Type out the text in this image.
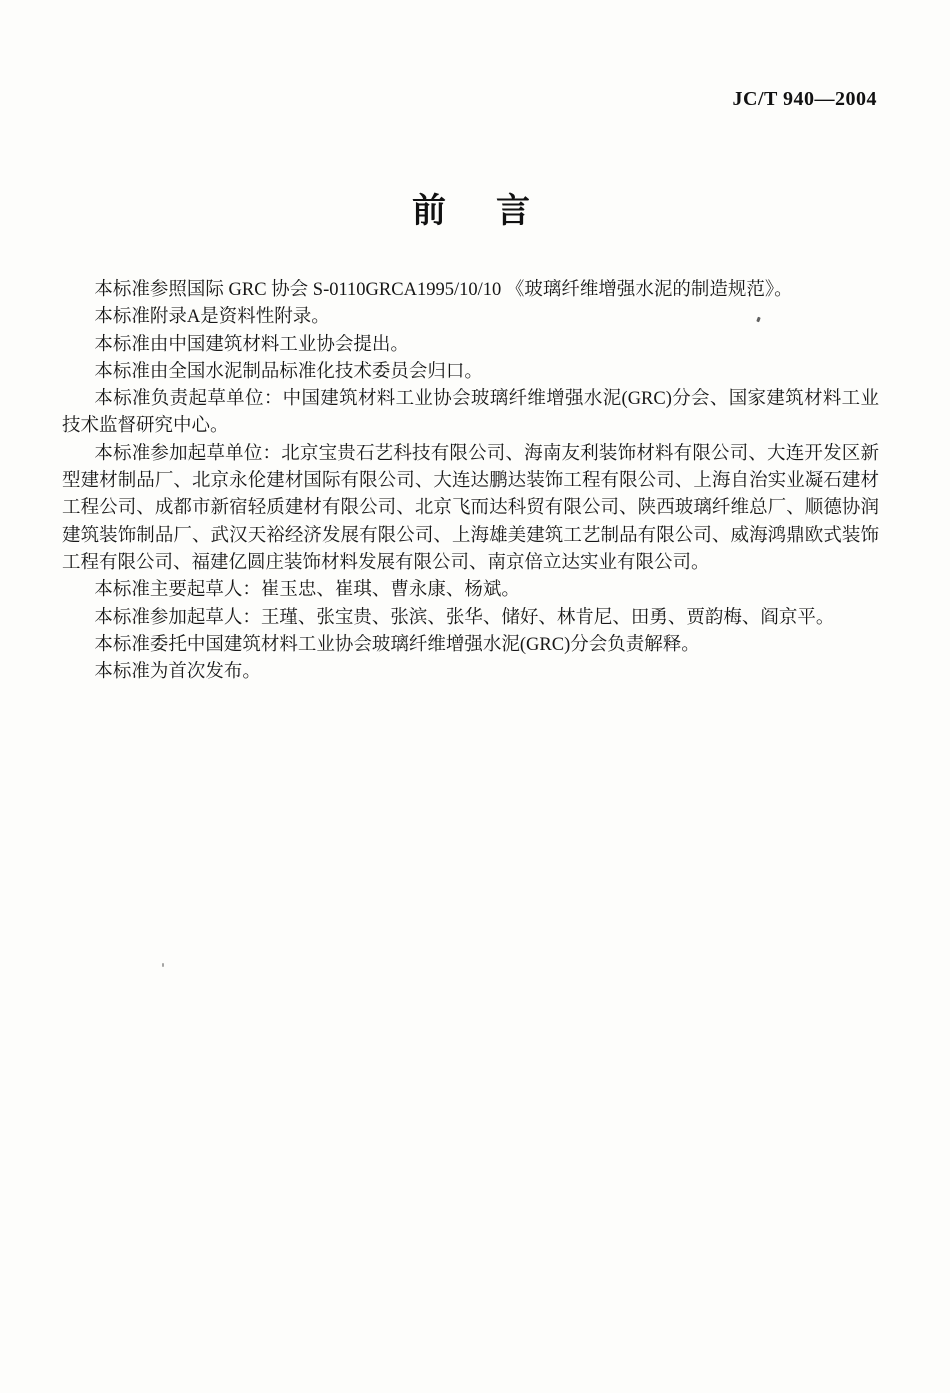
JC/T 940—2004
前　言

本标准参照国际 GRC 协会 S-0110GRCA1995/10/10 《玻璃纤维增强水泥的制造规范》。

本标准附录A是资料性附录。

本标准由中国建筑材料工业协会提出。

本标准由全国水泥制品标准化技术委员会归口。

本标准负责起草单位：中国建筑材料工业协会玻璃纤维增强水泥(GRC)分会、国家建筑材料工业技术监督研究中心。

本标准参加起草单位：北京宝贵石艺科技有限公司、海南友利装饰材料有限公司、大连开发区新型建材制品厂、北京永伦建材国际有限公司、大连达鹏达装饰工程有限公司、上海自治实业凝石建材工程公司、成都市新宿轻质建材有限公司、北京飞而达科贸有限公司、陕西玻璃纤维总厂、顺德协润建筑装饰制品厂、武汉天裕经济发展有限公司、上海雄美建筑工艺制品有限公司、威海鸿鼎欧式装饰工程有限公司、福建亿圆庄装饰材料发展有限公司、南京倍立达实业有限公司。

本标准主要起草人：崔玉忠、崔琪、曹永康、杨斌。

本标准参加起草人：王瑾、张宝贵、张滨、张华、储好、林肯尼、田勇、贾韵梅、阎京平。

本标准委托中国建筑材料工业协会玻璃纤维增强水泥(GRC)分会负责解释。

本标准为首次发布。
